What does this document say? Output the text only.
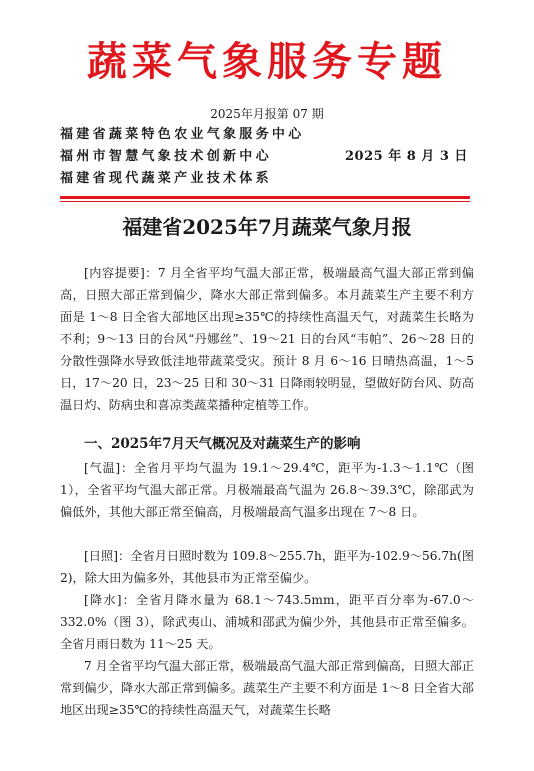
蔬菜气象服务专题
2025年月报第 07 期
福建省蔬菜特色农业气象服务中心
福州市智慧气象技术创新中心	2025 年 8 月 3 日
福建省现代蔬菜产业技术体系
福建省2025年7月蔬菜气象月报

[内容提要]：7 月全省平均气温大部正常，极端最高气温大部正常到偏高，日照大部正常到偏少，降水大部正常到偏多。本月蔬菜生产主要不利方面是 1～8 日全省大部地区出现≥35℃的持续性高温天气，对蔬菜生长略为不利；9～13 日的台风“丹娜丝”、19～21 日的台风“韦帕”、26～28 日的分散性强降水导致低洼地带蔬菜受灾。预计 8 月 6～16 日晴热高温，1～5 日，17～20 日，23～25 日和 30～31 日降雨较明显，望做好防台风、防高温日灼、防病虫和喜凉类蔬菜播种定植等工作。

一、2025年7月天气概况及对蔬菜生产的影响

[气温]：全省月平均气温为 19.1～29.4℃，距平为-1.3～1.1℃（图 1），全省平均气温大部正常。月极端最高气温为 26.8～39.3℃，除邵武为偏低外，其他大部正常至偏高，月极端最高气温多出现在 7～8 日。

[日照]：全省月日照时数为 109.8～255.7h，距平为-102.9～56.7h(图 2)，除大田为偏多外，其他县市为正常至偏少。

[降水]：全省月降水量为 68.1～743.5mm，距平百分率为-67.0～332.0%（图 3），除武夷山、浦城和邵武为偏少外，其他县市正常至偏多。全省月雨日数为 11～25 天。

7 月全省平均气温大部正常，极端最高气温大部正常到偏高，日照大部正常到偏少，降水大部正常到偏多。蔬菜生产主要不利方面是 1～8 日全省大部地区出现≥35℃的持续性高温天气，对蔬菜生长略
